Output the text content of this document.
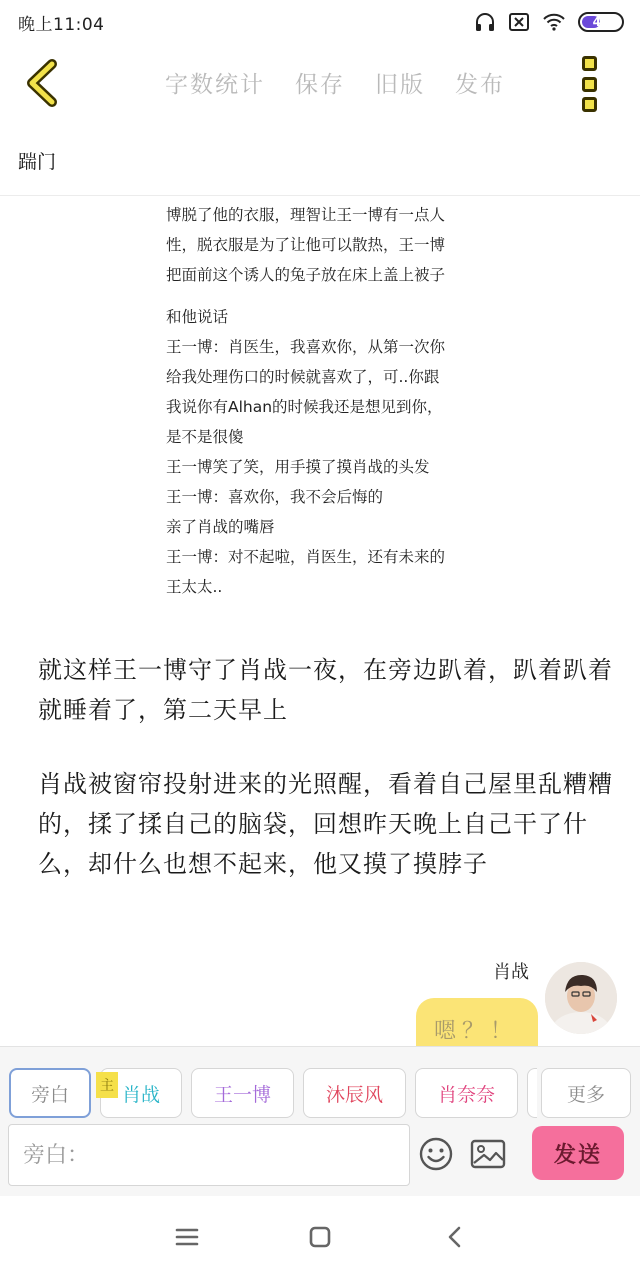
晚上11:04	44
字数统计 保存 旧版 发布
踹门
博脱了他的衣服，理智让王一博有一点人
性，脱衣服是为了让他可以散热，王一博
把面前这个诱人的兔子放在床上盖上被子
和他说话
王一博：肖医生，我喜欢你，从第一次你
给我处理伤口的时候就喜欢了，可..你跟
我说你有Alhan的时候我还是想见到你，
是不是很傻
王一博笑了笑，用手摸了摸肖战的头发
王一博：喜欢你，我不会后悔的
亲了肖战的嘴唇
王一博：对不起啦，肖医生，还有未来的
王太太..
就这样王一博守了肖战一夜，在旁边趴着，趴着趴着就睡着了，第二天早上
肖战被窗帘投射进来的光照醒，看着自己屋里乱糟糟的，揉了揉自己的脑袋，回想昨天晚上自己干了什么，却什么也想不起来，他又摸了摸脖子
肖战
嗯？！
旁白	肖战
主	王一博	沐辰风	肖奈奈	更多
旁白：
发送
